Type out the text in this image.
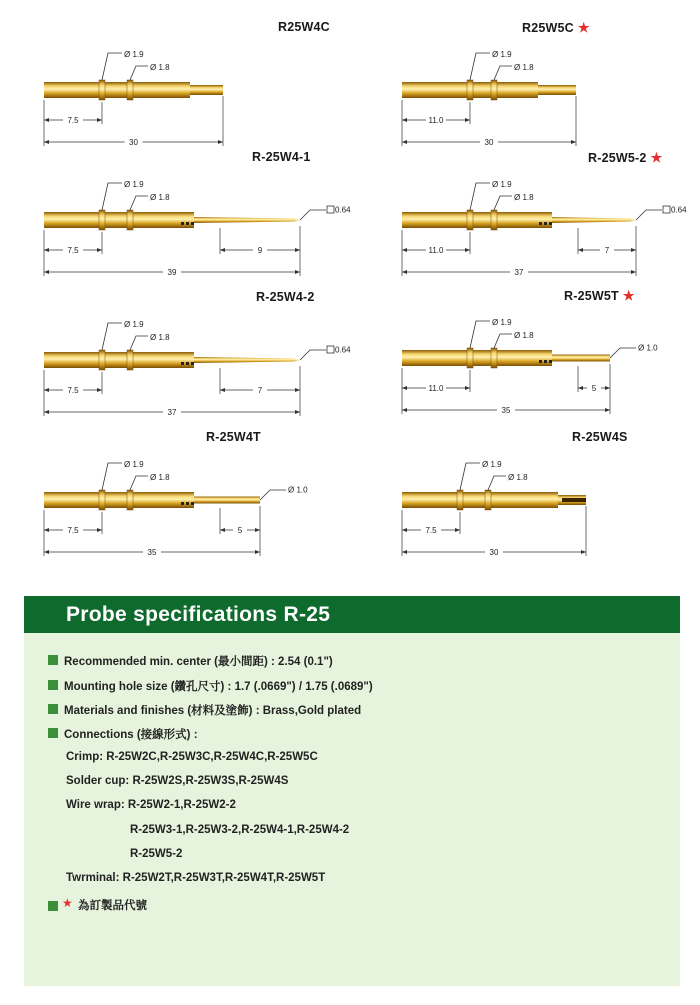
R25W4C
Ø 1.9
Ø 1.8
7.5
30
R25W5C ★
Ø 1.9
Ø 1.8
11.0
30
R-25W4-1
0.64
Ø 1.9
Ø 1.8
7.5	9
39
R-25W5-2 ★
0.64
Ø 1.9
Ø 1.8
11.0	7
37
R-25W4-2
0.64
Ø 1.9
Ø 1.8
7.5	7
37
R-25W5T ★
Ø 1.0
Ø 1.9
Ø 1.8
11.0	5
35
R-25W4T
Ø 1.0
Ø 1.9
Ø 1.8
7.5	5
35
R-25W4S
Ø 1.9
Ø 1.8
7.5
30
Probe specifications R-25
Recommended min. center (最小間距) : 2.54 (0.1")
Mounting hole size (鑽孔尺寸) : 1.7 (.0669") / 1.75 (.0689")
Materials and finishes (材料及塗飾) : Brass,Gold plated
Connections (接線形式) :
Crimp: R-25W2C,R-25W3C,R-25W4C,R-25W5C
Solder cup: R-25W2S,R-25W3S,R-25W4S
Wire wrap: R-25W2-1,R-25W2-2
R-25W3-1,R-25W3-2,R-25W4-1,R-25W4-2
R-25W5-2
Twrminal: R-25W2T,R-25W3T,R-25W4T,R-25W5T
★ 為訂製品代號
